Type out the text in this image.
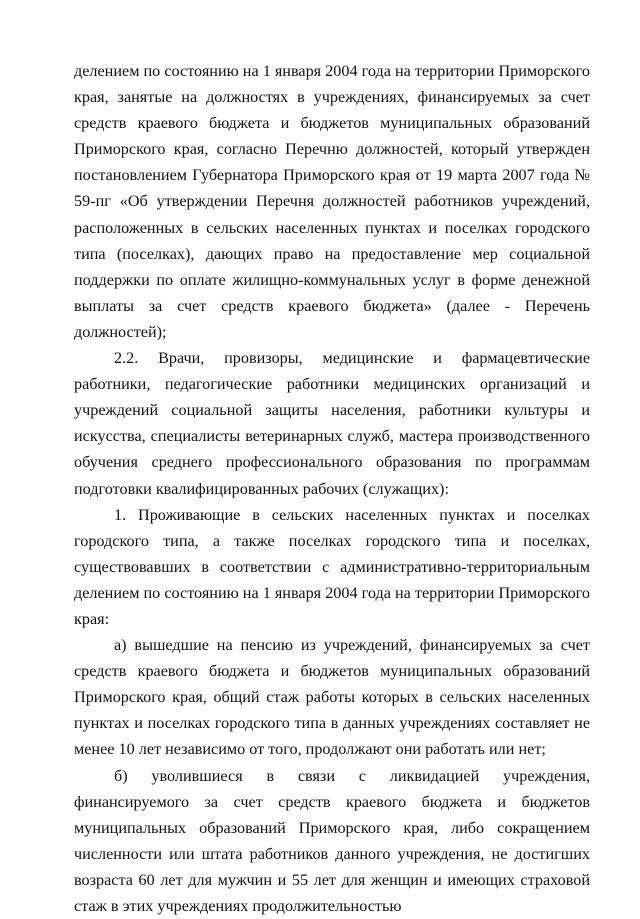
делением по состоянию на 1 января 2004 года на территории Приморского края, занятые на должностях в учреждениях, финансируемых за счет средств краевого бюджета и бюджетов муниципальных образований Приморского края, согласно Перечню должностей, который утвержден постановлением Губернатора Приморского края от 19 марта 2007 года № 59-пг «Об утверждении Перечня должностей работников учреждений, расположенных в сельских населенных пунктах и поселках городского типа (поселках), дающих право на предоставление мер социальной поддержки по оплате жилищно-коммунальных услуг в форме денежной выплаты за счет средств краевого бюджета» (далее - Перечень должностей);

2.2. Врачи, провизоры, медицинские и фармацевтические работники, педагогические работники медицинских организаций и учреждений социальной защиты населения, работники культуры и искусства, специалисты ветеринарных служб, мастера производственного обучения среднего профессионального образования по программам подготовки квалифицированных рабочих (служащих):

1. Проживающие в сельских населенных пунктах и поселках городского типа, а также поселках городского типа и поселках, существовавших в соответствии с административно-территориальным делением по состоянию на 1 января 2004 года на территории Приморского края:

а) вышедшие на пенсию из учреждений, финансируемых за счет средств краевого бюджета и бюджетов муниципальных образований Приморского края, общий стаж работы которых в сельских населенных пунктах и поселках городского типа в данных учреждениях составляет не менее 10 лет независимо от того, продолжают они работать или нет;

б) уволившиеся в связи с ликвидацией учреждения, финансируемого за счет средств краевого бюджета и бюджетов муниципальных образований Приморского края, либо сокращением численности или штата работников данного учреждения, не достигших возраста 60 лет для мужчин и 55 лет для женщин и имеющих страховой стаж в этих учреждениях продолжительностью
